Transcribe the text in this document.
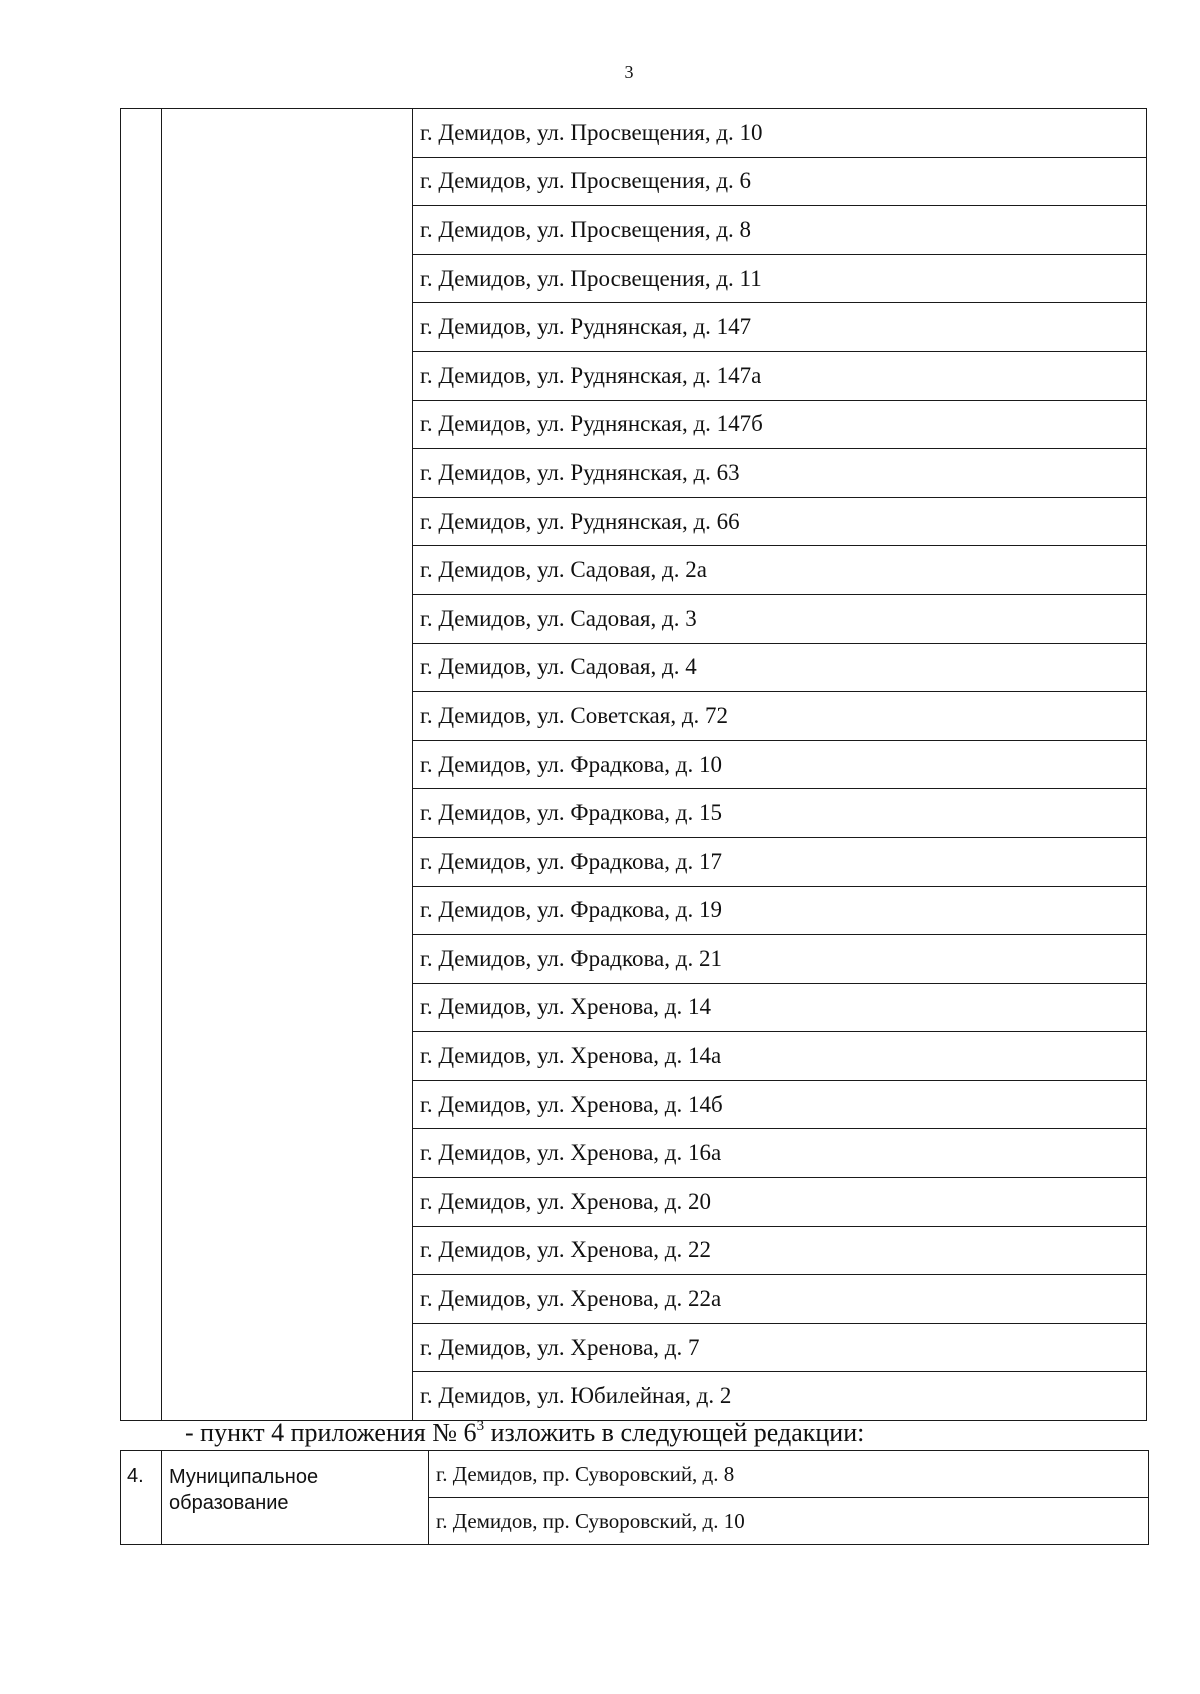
3
		г. Демидов, ул. Просвещения, д. 10
г. Демидов, ул. Просвещения, д. 6
г. Демидов, ул. Просвещения, д. 8
г. Демидов, ул. Просвещения, д. 11
г. Демидов, ул. Руднянская, д. 147
г. Демидов, ул. Руднянская, д. 147а
г. Демидов, ул. Руднянская, д. 147б
г. Демидов, ул. Руднянская, д. 63
г. Демидов, ул. Руднянская, д. 66
г. Демидов, ул. Садовая, д. 2а
г. Демидов, ул. Садовая, д. 3
г. Демидов, ул. Садовая, д. 4
г. Демидов, ул. Советская, д. 72
г. Демидов, ул. Фрадкова, д. 10
г. Демидов, ул. Фрадкова, д. 15
г. Демидов, ул. Фрадкова, д. 17
г. Демидов, ул. Фрадкова, д. 19
г. Демидов, ул. Фрадкова, д. 21
г. Демидов, ул. Хренова, д. 14
г. Демидов, ул. Хренова, д. 14а
г. Демидов, ул. Хренова, д. 14б
г. Демидов, ул. Хренова, д. 16а
г. Демидов, ул. Хренова, д. 20
г. Демидов, ул. Хренова, д. 22
г. Демидов, ул. Хренова, д. 22а
г. Демидов, ул. Хренова, д. 7
г. Демидов, ул. Юбилейная, д. 2
- пункт 4 приложения № $6^3$ изложить в следующей редакции:
4.	Муниципальное образование	г. Демидов, пр. Суворовский, д. 8
г. Демидов, пр. Суворовский, д. 10
